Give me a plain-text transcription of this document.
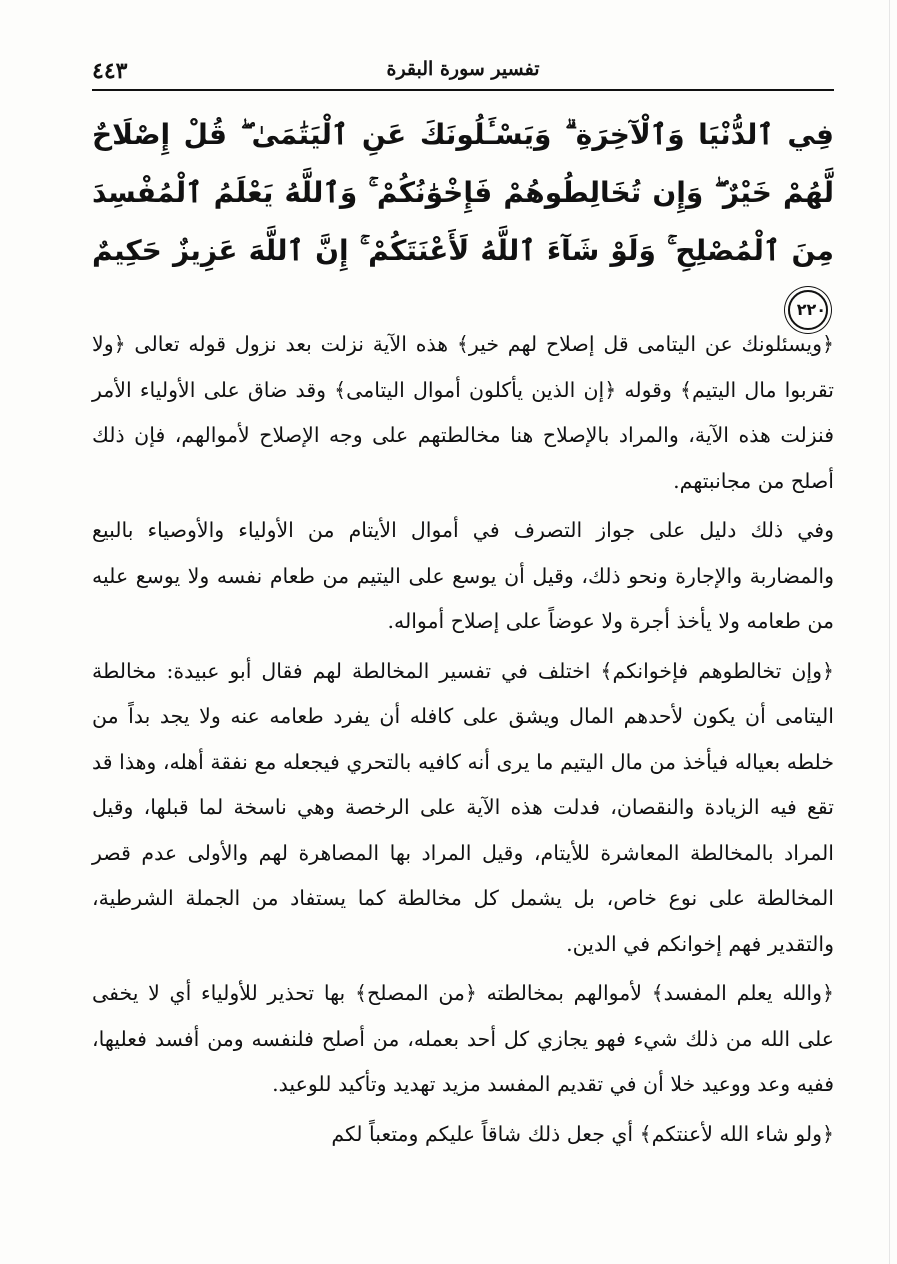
تفسير سورة البقرة
٤٤٣
فِي ٱلدُّنْيَا وَٱلْآخِرَةِ ۗ وَيَسْـَٔلُونَكَ عَنِ ٱلْيَتَٰمَىٰ ۖ قُلْ إِصْلَاحٌ لَّهُمْ خَيْرٌ ۖ وَإِن تُخَالِطُوهُمْ فَإِخْوَٰنُكُمْ ۚ وَٱللَّهُ يَعْلَمُ ٱلْمُفْسِدَ مِنَ ٱلْمُصْلِحِ ۚ وَلَوْ شَآءَ ٱللَّهُ لَأَعْنَتَكُمْ ۚ إِنَّ ٱللَّهَ عَزِيزٌ حَكِيمٌ ٢٢٠

﴿ويسئلونك عن اليتامى قل إصلاح لهم خير﴾ هذه الآية نزلت بعد نزول قوله تعالى ﴿ولا تقربوا مال اليتيم﴾ وقوله ﴿إن الذين يأكلون أموال اليتامى﴾ وقد ضاق على الأولياء الأمر فنزلت هذه الآية، والمراد بالإصلاح هنا مخالطتهم على وجه الإصلاح لأموالهم، فإن ذلك أصلح من مجانبتهم.

وفي ذلك دليل على جواز التصرف في أموال الأيتام من الأولياء والأوصياء بالبيع والمضاربة والإجارة ونحو ذلك، وقيل أن يوسع على اليتيم من طعام نفسه ولا يوسع عليه من طعامه ولا يأخذ أجرة ولا عوضاً على إصلاح أمواله.

﴿وإن تخالطوهم فإخوانكم﴾ اختلف في تفسير المخالطة لهم فقال أبو عبيدة: مخالطة اليتامى أن يكون لأحدهم المال ويشق على كافله أن يفرد طعامه عنه ولا يجد بداً من خلطه بعياله فيأخذ من مال اليتيم ما يرى أنه كافيه بالتحري فيجعله مع نفقة أهله، وهذا قد تقع فيه الزيادة والنقصان، فدلت هذه الآية على الرخصة وهي ناسخة لما قبلها، وقيل المراد بالمخالطة المعاشرة للأيتام، وقيل المراد بها المصاهرة لهم والأولى عدم قصر المخالطة على نوع خاص، بل يشمل كل مخالطة كما يستفاد من الجملة الشرطية، والتقدير فهم إخوانكم في الدين.

﴿والله يعلم المفسد﴾ لأموالهم بمخالطته ﴿من المصلح﴾ بها تحذير للأولياء أي لا يخفى على الله من ذلك شيء فهو يجازي كل أحد بعمله، من أصلح فلنفسه ومن أفسد فعليها، ففيه وعد ووعيد خلا أن في تقديم المفسد مزيد تهديد وتأكيد للوعيد.

﴿ولو شاء الله لأعنتكم﴾ أي جعل ذلك شاقاً عليكم ومتعباً لكم
